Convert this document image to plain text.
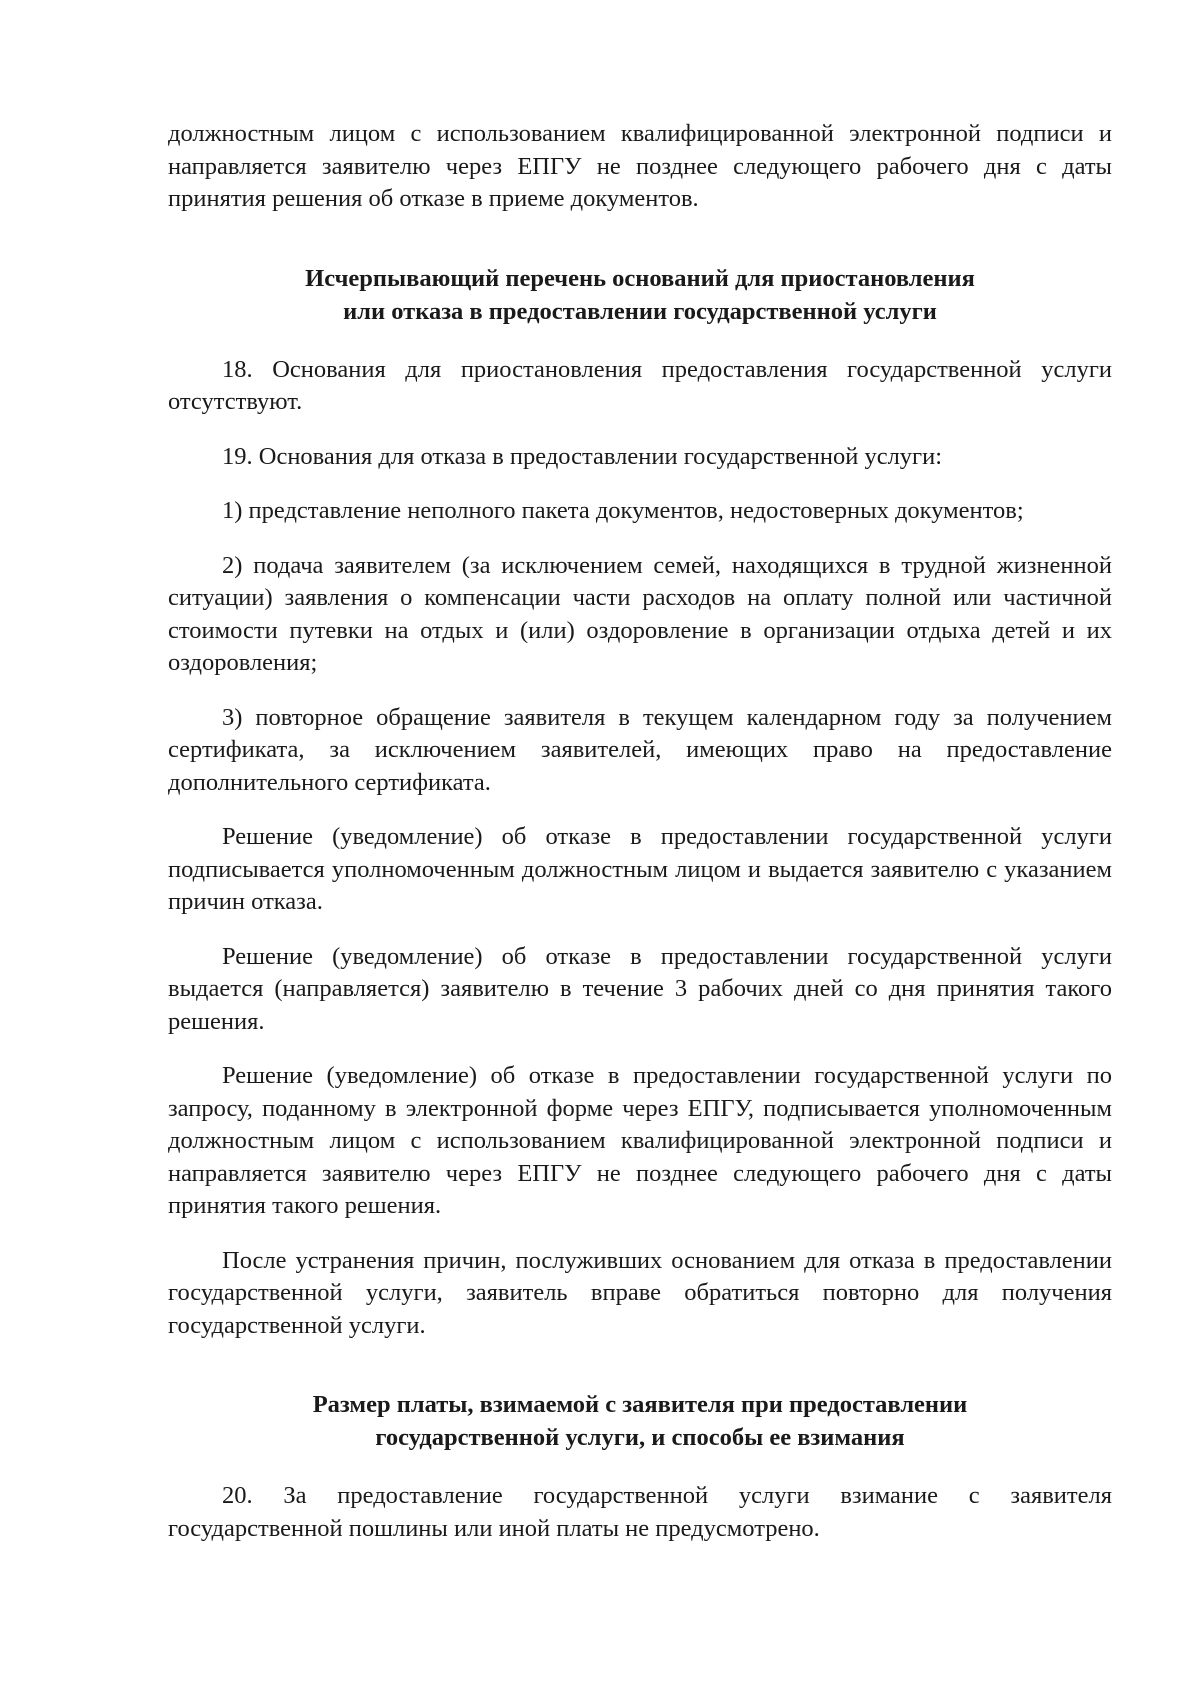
должностным лицом с использованием квалифицированной электронной подписи и направляется заявителю через ЕПГУ не позднее следующего рабочего дня с даты принятия решения об отказе в приеме документов.

Исчерпывающий перечень оснований для приостановления

или отказа в предоставлении государственной услуги

18. Основания для приостановления предоставления государственной услуги отсутствуют.

19. Основания для отказа в предоставлении государственной услуги:

1) представление неполного пакета документов, недостоверных документов;

2) подача заявителем (за исключением семей, находящихся в трудной жизненной ситуации) заявления о компенсации части расходов на оплату полной или частичной стоимости путевки на отдых и (или) оздоровление в организации отдыха детей и их оздоровления;

3) повторное обращение заявителя в текущем календарном году за получением сертификата, за исключением заявителей, имеющих право на предоставление дополнительного сертификата.

Решение (уведомление) об отказе в предоставлении государственной услуги подписывается уполномоченным должностным лицом и выдается заявителю с указанием причин отказа.

Решение (уведомление) об отказе в предоставлении государственной услуги выдается (направляется) заявителю в течение 3 рабочих дней со дня принятия такого решения.

Решение (уведомление) об отказе в предоставлении государственной услуги по запросу, поданному в электронной форме через ЕПГУ, подписывается уполномоченным должностным лицом с использованием квалифицированной электронной подписи и направляется заявителю через ЕПГУ не позднее следующего рабочего дня с даты принятия такого решения.

После устранения причин, послуживших основанием для отказа в предоставлении государственной услуги, заявитель вправе обратиться повторно для получения государственной услуги.

Размер платы, взимаемой с заявителя при предоставлении

государственной услуги, и способы ее взимания

20. За предоставление государственной услуги взимание с заявителя государственной пошлины или иной платы не предусмотрено.
